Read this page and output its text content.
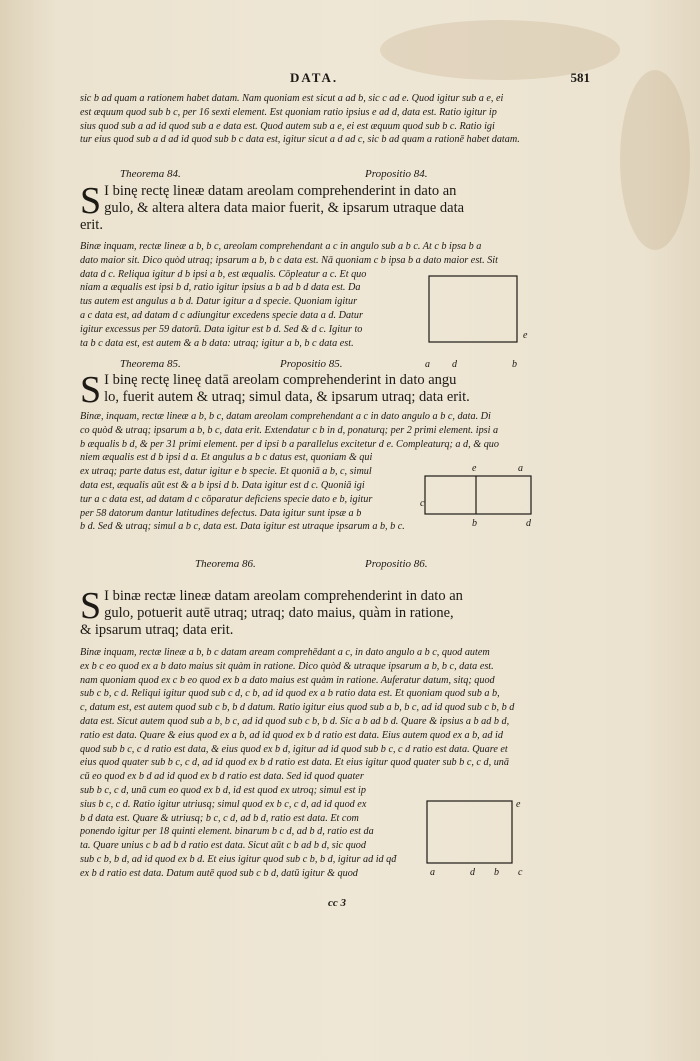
DATA.	581
sic b ad quam a rationem habet datam. Nam quoniam est sicut a ad b, sic c ad e. Quod igitur sub a e, ei
est æquum quod sub b c, per 16 sexti element. Est quoniam ratio ipsius e ad d, data est. Ratio igitur ip
sius quod sub a ad id quod sub a e data est. Quod autem sub a e, ei est æquum quod sub b c. Ratio igi
tur eius quod sub a d ad id quod sub b c data est, igitur sicut a d ad c, sic b ad quam a rationē habet datam.
Theorema 84.	Propositio 84.
S I binę rectę lineæ datam areolam comprehenderint in dato an
gulo, & altera altera data maior fuerit, & ipsarum utraque data
erit.
Binæ inquam, rectæ lineæ a b, b c, areolam comprehendant a c in angulo sub a b c. At c b ipsa b a
dato maior sit. Dico quòd utraq; ipsarum a b, b c data est. Nā quoniam c b ipsa b a dato maior est. Sit
data d c. Reliqua igitur d b ipsi a b, est æqualis. Cōpleatur a c. Et quo
niam a æqualis est ipsi b d, ratio igitur ipsius a b ad b d data est. Da
tus autem est angulus a b d. Datur igitur a d specie. Quoniam igitur
a c data est, ad datam d c adiungitur excedens specie data a d. Datur
igitur excessus per 59 datorū. Data igitur est b d. Sed & d c. Igitur to
ta b c data est, est autem & a b data: utraq; igitur a b, b c data est.
e
a d	b
Theorema 85.	Propositio 85.
S I binę rectę lineę datā areolam comprehenderint in dato angu
lo, fuerit autem & utraq; simul data, & ipsarum utraq; data erit.
Binæ, inquam, rectæ lineæ a b, b c, datam areolam comprehendant a c in dato angulo a b c, data. Di
co quòd & utraq; ipsarum a b, b c, data erit. Extendatur c b in d, ponaturq; per 2 primi element. ipsi a
b æqualis b d, & per 31 primi element. per d ipsi b a parallelus excitetur d e. Compleaturq; a d, & quo
niem æqualis est d b ipsi d a. Et angulus a b c datus est, quoniam & qui
ex utraq; parte datus est, datur igitur e b specie. Et quoniā a b, c, simul
data est, æqualis aūt est & a b ipsi d b. Data igitur est d c. Quoniā igi
tur a c data est, ad datam d c cōparatur deficiens specie dato e b, igitur
per 58 datorum dantur latitudines defectus. Data igitur sunt ipsæ a b
b d. Sed & utraq; simul a b c, data est. Data igitur est utraque ipsarum a b, b c.
e	a
c
b	d
Theorema 86.	Propositio 86.
S I binæ rectæ lineæ datam areolam comprehenderint in dato an
gulo, potuerit autē utraq; utraq; dato maius, quàm in ratione,
& ipsarum utraq; data erit.
Binæ inquam, rectæ lineæ a b, b c datam aream comprehēdant a c, in dato angulo a b c, quod autem
ex b c eo quod ex a b dato maius sit quàm in ratione. Dico quòd & utraque ipsarum a b, b c, data est.
nam quoniam quod ex c b eo quod ex b a dato maius est quàm in ratione. Auferatur datum, sitq; quod
sub c b, c d. Reliqui igitur quod sub c d, c b, ad id quod ex a b ratio data est. Et quoniam quod sub a b,
c, datum est, est autem quod sub c b, b d datum. Ratio igitur eius quod sub a b, b c, ad id quod sub c b, b d
data est. Sicut autem quod sub a b, b c, ad id quod sub c b, b d. Sic a b ad b d. Quare & ipsius a b ad b d,
ratio est data. Quare & eius quod ex a b, ad id quod ex b d ratio est data. Eius autem quod ex a b, ad id
quod sub b c, c d ratio est data, & eius quod ex b d, igitur ad id quod sub b c, c d ratio est data. Quare et
eius quod quater sub b c, c d, ad id quod ex b d ratio est data. Et eius igitur quod quater sub b c, c d, unā
cū eo quod ex b d ad id quod ex b d ratio est data. Sed id quod quater
sub b c, c d, unā cum eo quod ex b d, id est quod ex utroq; simul est ip
sius b c, c d. Ratio igitur utriusq; simul quod ex b c, c d, ad id quod ex
b d data est. Quare & utriusq; b c, c d, ad b d, ratio est data. Et com
ponendo igitur per 18 quinti element. binarum b c d, ad b d, ratio est da
ta. Quare unius c b ad b d ratio est data. Sicut aūt c b ad b d, sic quod
sub c b, b d, ad id quod ex b d. Et eius igitur quod sub c b, b d, igitur ad id qđ
ex b d ratio est data. Datum autē quod sub c b d, datū igitur & quod
e
a	d b c
cc 3
